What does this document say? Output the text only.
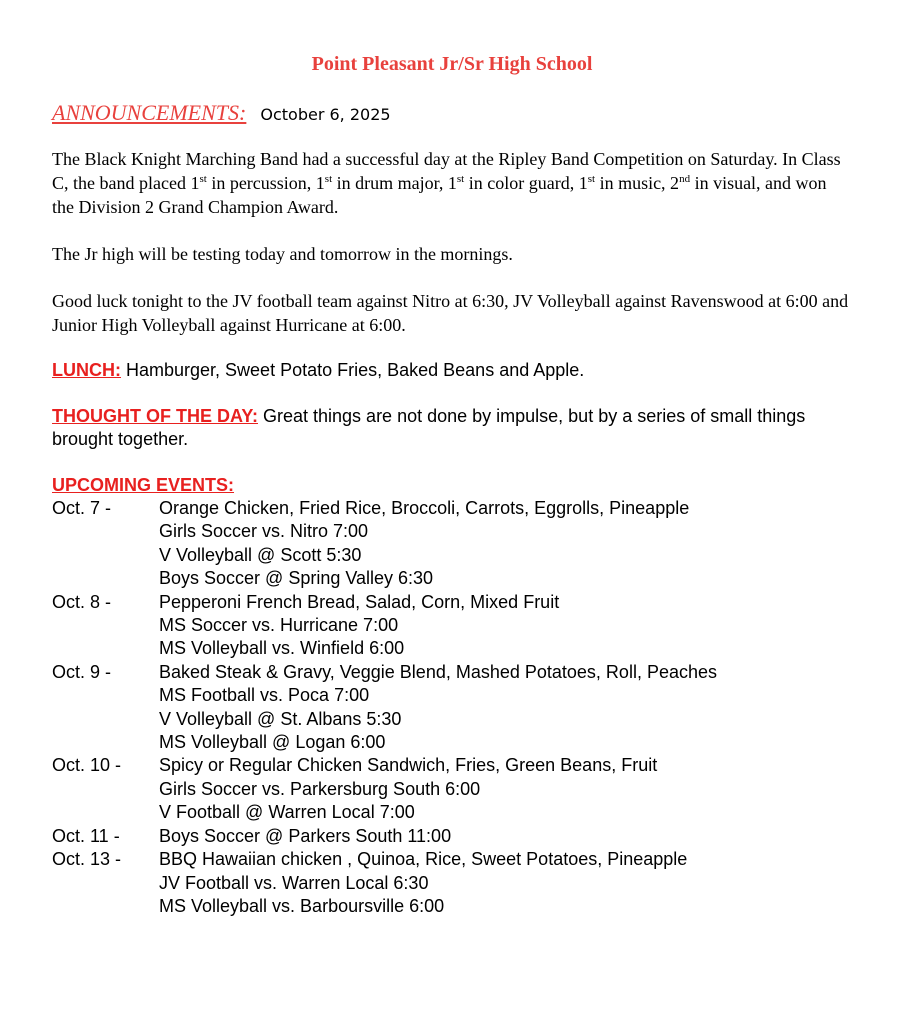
Point Pleasant Jr/Sr High School
ANNOUNCEMENTS: October 6, 2025

The Black Knight Marching Band had a successful day at the Ripley Band Competition on Saturday. In Class C, the band placed 1st in percussion, 1st in drum major, 1st in color guard, 1st in music, 2nd in visual, and won the Division 2 Grand Champion Award.

The Jr high will be testing today and tomorrow in the mornings.

Good luck tonight to the JV football team against Nitro at 6:30, JV Volleyball against Ravenswood at 6:00 and Junior High Volleyball against Hurricane at 6:00.

LUNCH: Hamburger, Sweet Potato Fries, Baked Beans and Apple.

THOUGHT OF THE DAY: Great things are not done by impulse, but by a series of small things brought together.

UPCOMING EVENTS:

Oct. 7 -	Orange Chicken, Fried Rice, Broccoli, Carrots, Eggrolls, Pineapple
Girls Soccer vs. Nitro 7:00
V Volleyball @ Scott 5:30
Boys Soccer @ Spring Valley 6:30
Oct. 8 -	Pepperoni French Bread, Salad, Corn, Mixed Fruit
MS Soccer vs. Hurricane 7:00
MS Volleyball vs. Winfield 6:00
Oct. 9 -	Baked Steak & Gravy, Veggie Blend, Mashed Potatoes, Roll, Peaches
MS Football vs. Poca 7:00
V Volleyball @ St. Albans 5:30
MS Volleyball @ Logan 6:00
Oct. 10 -	Spicy or Regular Chicken Sandwich, Fries, Green Beans, Fruit
Girls Soccer vs. Parkersburg South 6:00
V Football @ Warren Local 7:00
Oct. 11 -	Boys Soccer @ Parkers South 11:00
Oct. 13 -	BBQ Hawaiian chicken , Quinoa, Rice, Sweet Potatoes, Pineapple
JV Football vs. Warren Local 6:30
MS Volleyball vs. Barboursville 6:00
